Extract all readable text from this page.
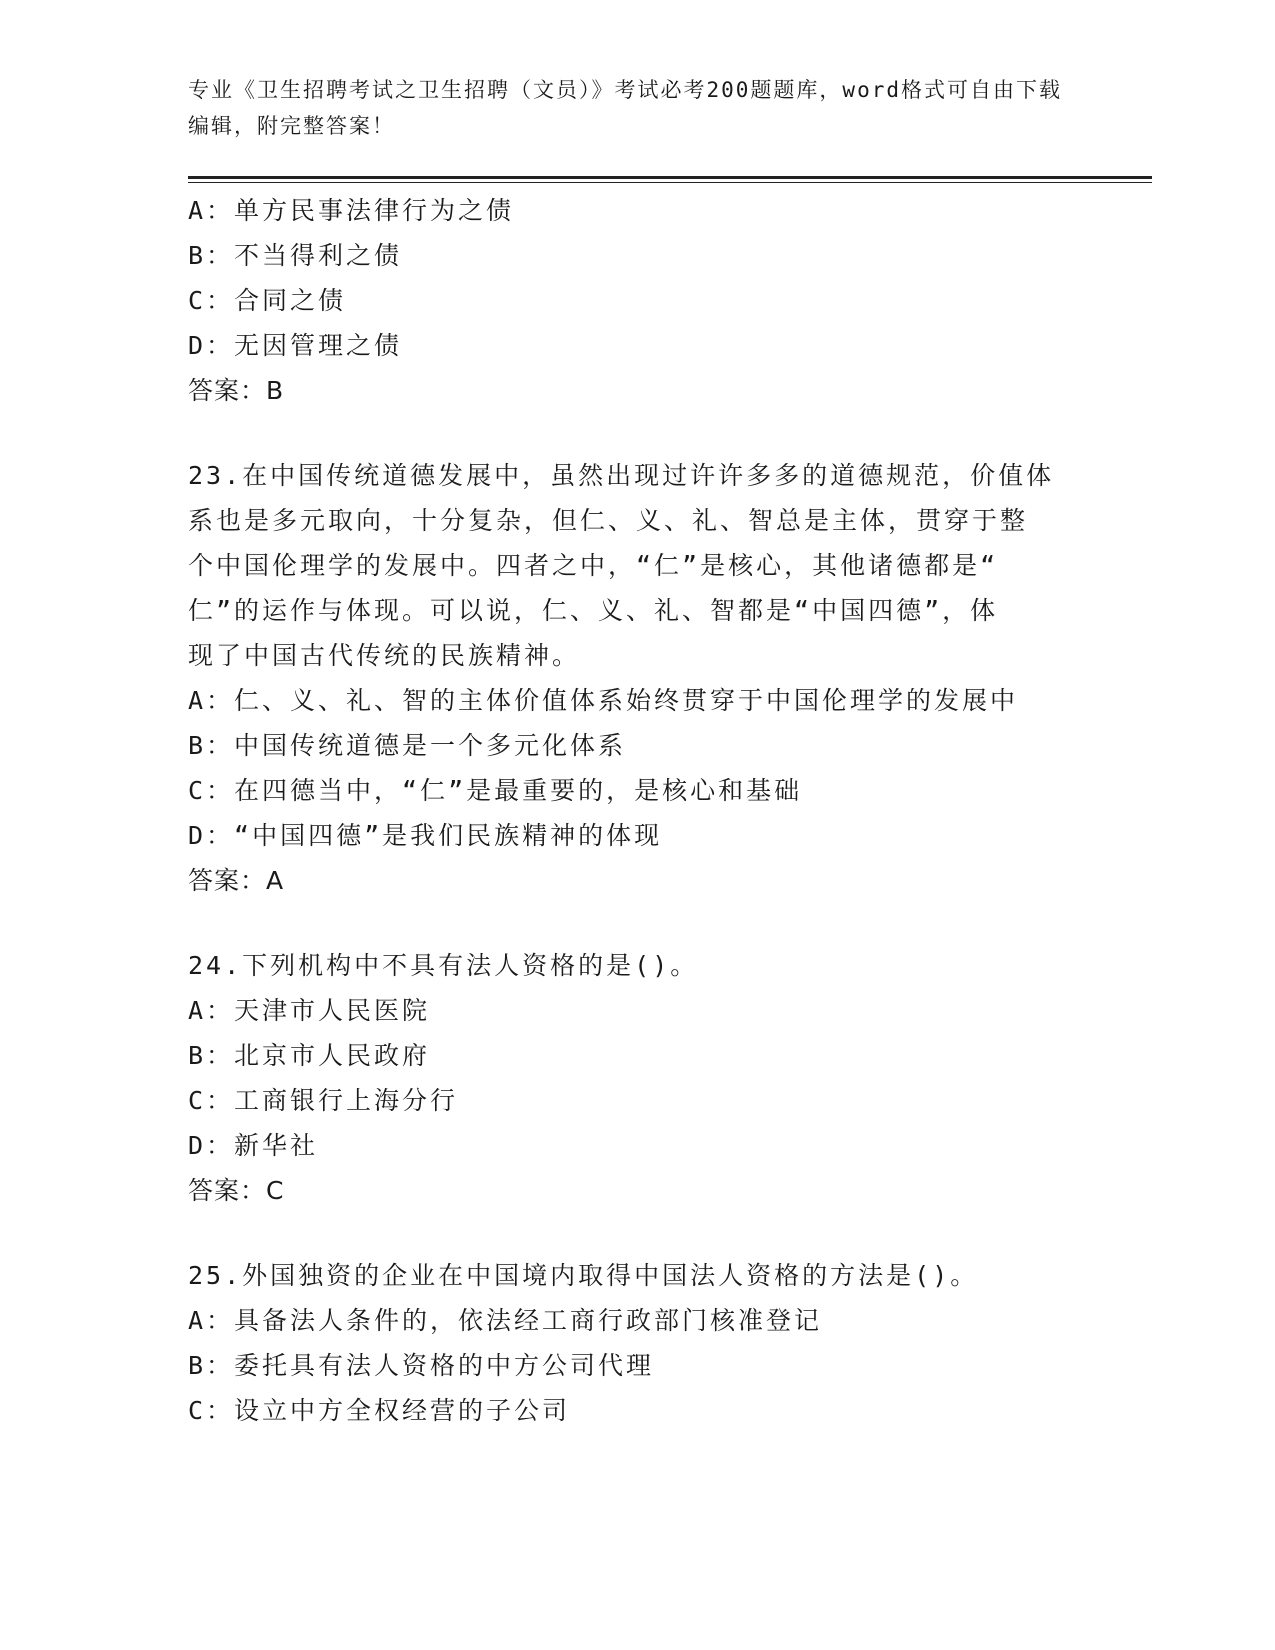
专业《卫生招聘考试之卫生招聘（文员）》考试必考200题题库，word格式可自由下载编辑，附完整答案！
A：单方民事法律行为之债
B：不当得利之债
C：合同之债
D：无因管理之债
答案：B
23.在中国传统道德发展中，虽然出现过许许多多的道德规范，价值体
系也是多元取向，十分复杂，但仁、义、礼、智总是主体，贯穿于整
个中国伦理学的发展中。四者之中，“仁”是核心，其他诸德都是“
仁”的运作与体现。可以说，仁、义、礼、智都是“中国四德”，体
现了中国古代传统的民族精神。
A：仁、义、礼、智的主体价值体系始终贯穿于中国伦理学的发展中
B：中国传统道德是一个多元化体系
C：在四德当中，“仁”是最重要的，是核心和基础
D：“中国四德”是我们民族精神的体现
答案：A
24.下列机构中不具有法人资格的是()。
A：天津市人民医院
B：北京市人民政府
C：工商银行上海分行
D：新华社
答案：C
25.外国独资的企业在中国境内取得中国法人资格的方法是()。
A：具备法人条件的，依法经工商行政部门核准登记
B：委托具有法人资格的中方公司代理
C：设立中方全权经营的子公司
